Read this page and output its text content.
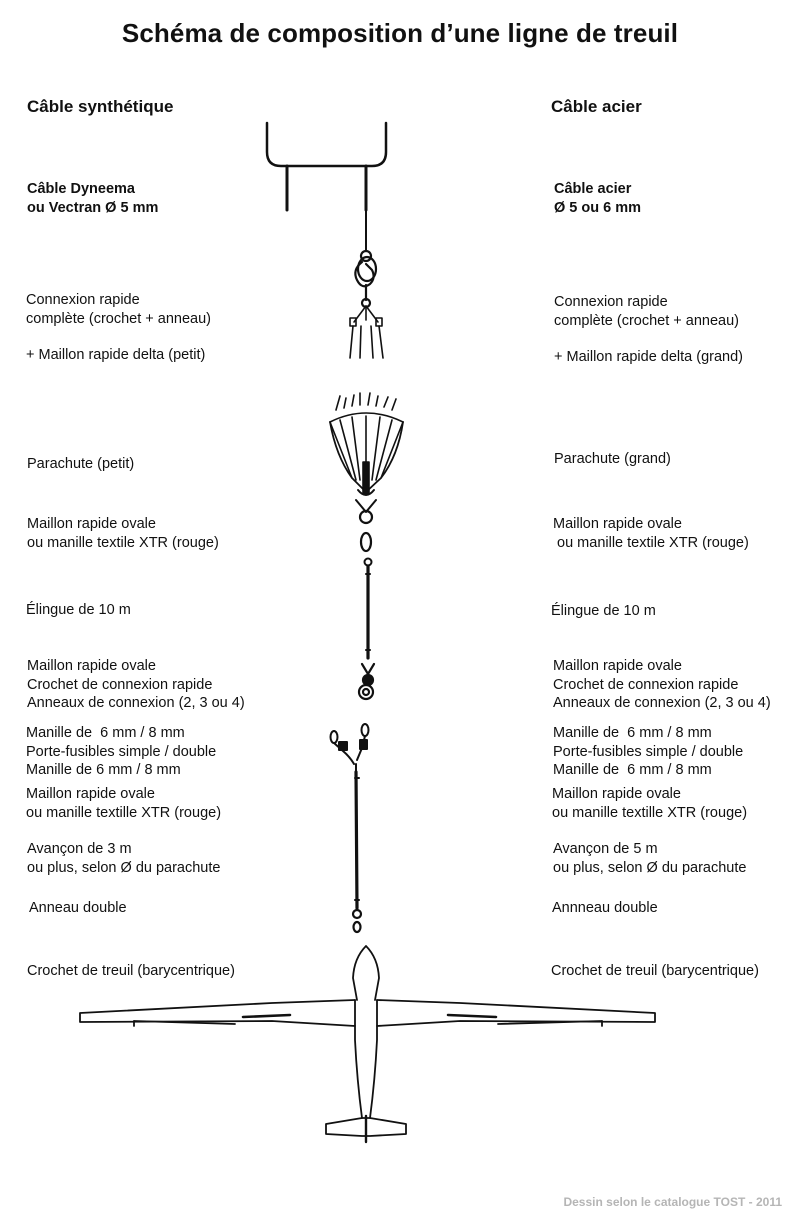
Schéma de composition d’une ligne de treuil
Câble synthétique	Câble acier
Câble Dyneema
ou Vectran Ø 5 mm
Connexion rapide
complète (crochet + anneau)
+ Maillon rapide delta (petit)
Parachute (petit)
Maillon rapide ovale
ou manille textile XTR (rouge)
Élingue de 10 m
Maillon rapide ovale
Crochet de connexion rapide
Anneaux de connexion (2, 3 ou 4)
Manille de  6 mm / 8 mm
Porte-fusibles simple / double
Manille de 6 mm / 8 mm
Maillon rapide ovale
ou manille textille XTR (rouge)
Avançon de 3 m
ou plus, selon Ø du parachute
Anneau double
Crochet de treuil (barycentrique)
Câble acier
Ø 5 ou 6 mm
Connexion rapide
complète (crochet + anneau)
+ Maillon rapide delta (grand)
Parachute (grand)
Maillon rapide ovale
ou manille textile XTR (rouge)
Élingue de 10 m
Maillon rapide ovale
Crochet de connexion rapide
Anneaux de connexion (2, 3 ou 4)
Manille de  6 mm / 8 mm
Porte-fusibles simple / double
Manille de  6 mm / 8 mm
Maillon rapide ovale
ou manille textille XTR (rouge)
Avançon de 5 m
ou plus, selon Ø du parachute
Annneau double
Crochet de treuil (barycentrique)
Dessin selon le catalogue TOST - 2011
